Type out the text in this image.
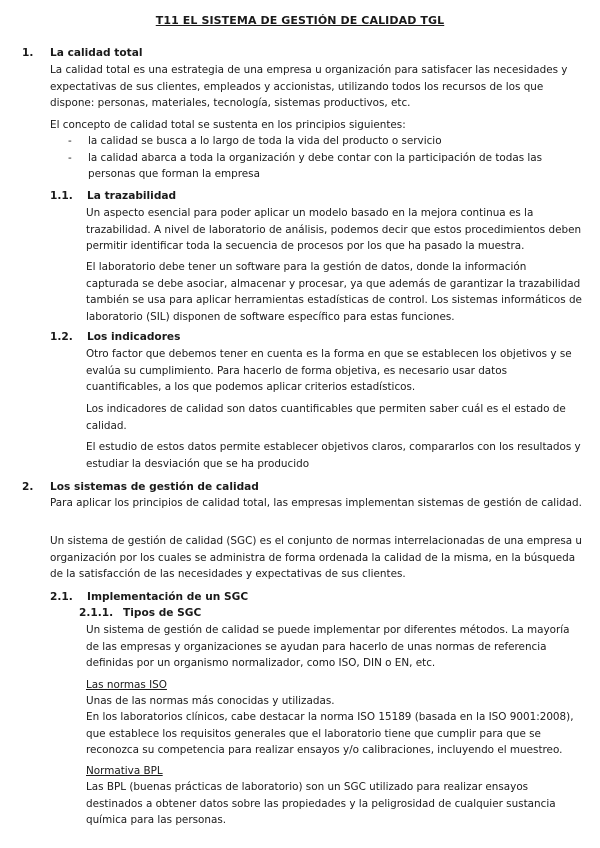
T11 EL SISTEMA DE GESTIÓN DE CALIDAD TGL
1. La calidad total
La calidad total es una estrategia de una empresa u organización para satisfacer las necesidades y expectativas de sus clientes, empleados y accionistas, utilizando todos los recursos de los que dispone: personas, materiales, tecnología, sistemas productivos, etc.
El concepto de calidad total se sustenta en los principios siguientes:
- la calidad se busca a lo largo de toda la vida del producto o servicio
- la calidad abarca a toda la organización y debe contar con la participación de todas las personas que forman la empresa
1.1. La trazabilidad
Un aspecto esencial para poder aplicar un modelo basado en la mejora continua es la trazabilidad. A nivel de laboratorio de análisis, podemos decir que estos procedimientos deben permitir identificar toda la secuencia de procesos por los que ha pasado la muestra.
El laboratorio debe tener un software para la gestión de datos, donde la información capturada se debe asociar, almacenar y procesar, ya que además de garantizar la trazabilidad también se usa para aplicar herramientas estadísticas de control. Los sistemas informáticos de laboratorio (SIL) disponen de software específico para estas funciones.
1.2. Los indicadores
Otro factor que debemos tener en cuenta es la forma en que se establecen los objetivos y se evalúa su cumplimiento. Para hacerlo de forma objetiva, es necesario usar datos cuantificables, a los que podemos aplicar criterios estadísticos.
Los indicadores de calidad son datos cuantificables que permiten saber cuál es el estado de calidad.
El estudio de estos datos permite establecer objetivos claros, compararlos con los resultados y estudiar la desviación que se ha producido
2. Los sistemas de gestión de calidad
Para aplicar los principios de calidad total, las empresas implementan sistemas de gestión de calidad.
Un sistema de gestión de calidad (SGC) es el conjunto de normas interrelacionadas de una empresa u organización por los cuales se administra de forma ordenada la calidad de la misma, en la búsqueda de la satisfacción de las necesidades y expectativas de sus clientes.
2.1. Implementación de un SGC
2.1.1. Tipos de SGC
Un sistema de gestión de calidad se puede implementar por diferentes métodos. La mayoría de las empresas y organizaciones se ayudan para hacerlo de unas normas de referencia definidas por un organismo normalizador, como ISO, DIN o EN, etc.
Las normas ISO
Unas de las normas más conocidas y utilizadas.
En los laboratorios clínicos, cabe destacar la norma ISO 15189 (basada en la ISO 9001:2008), que establece los requisitos generales que el laboratorio tiene que cumplir para que se reconozca su competencia para realizar ensayos y/o calibraciones, incluyendo el muestreo.
Normativa BPL
Las BPL (buenas prácticas de laboratorio) son un SGC utilizado para realizar ensayos destinados a obtener datos sobre las propiedades y la peligrosidad de cualquier sustancia química para las personas.
